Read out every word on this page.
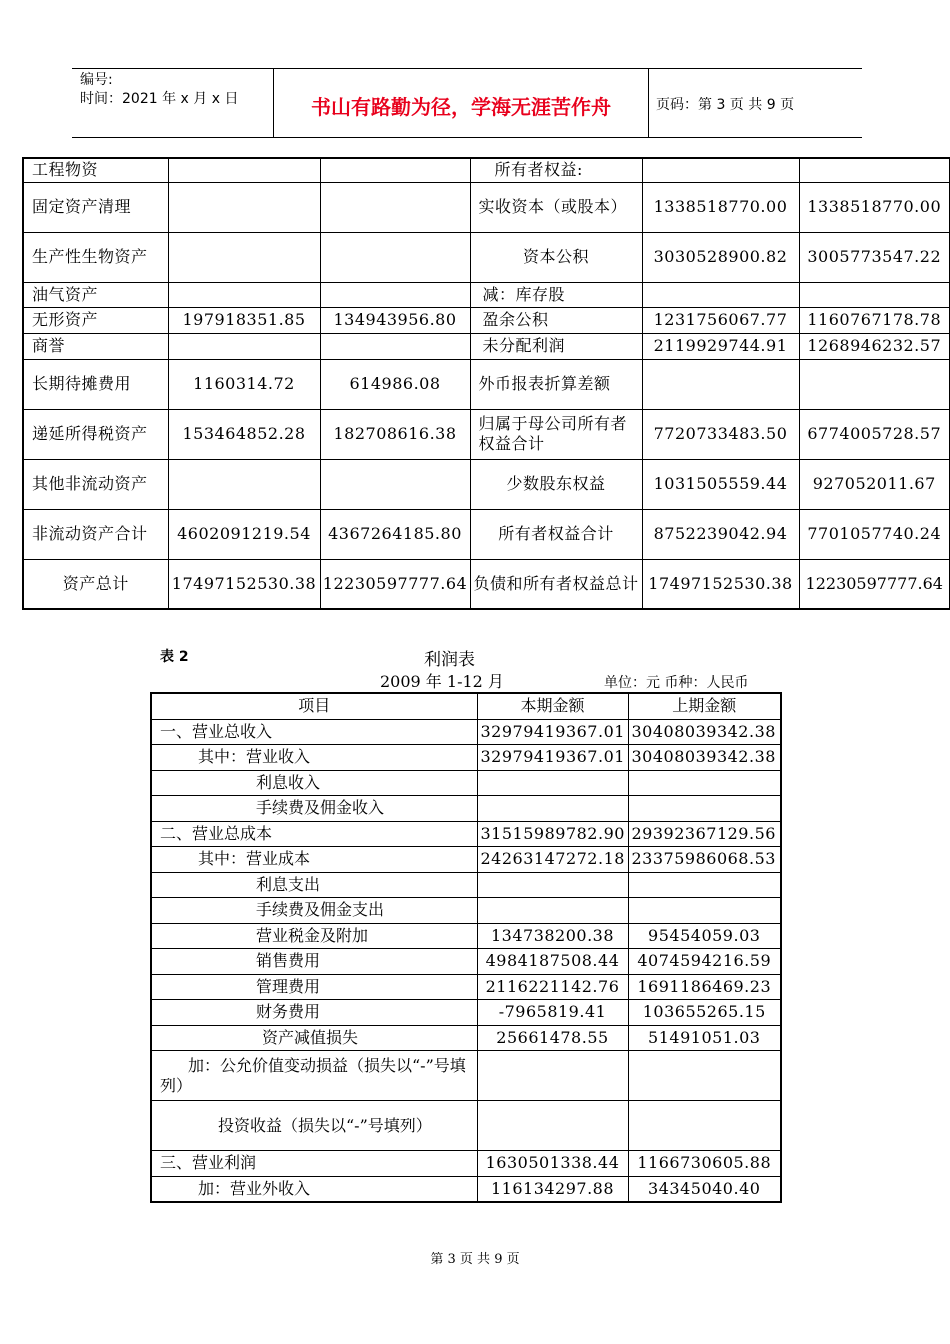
编号:
时间：2021 年 x 月 x 日	书山有路勤为径，学海无涯苦作舟	页码：第 3 页 共 9 页
工程物资			所有者权益:		
固定资产清理			实收资本（或股本）	1338518770.00	1338518770.00
生产性生物资产			资本公积	3030528900.82	3005773547.22
油气资产			减：库存股		
无形资产	197918351.85	134943956.80	盈余公积	1231756067.77	1160767178.78
商誉			未分配利润	2119929744.91	1268946232.57
长期待摊费用	1160314.72	614986.08	外币报表折算差额		
递延所得税资产	153464852.28	182708616.38	归属于母公司所有者权益合计	7720733483.50	6774005728.57
其他非流动资产			少数股东权益	1031505559.44	927052011.67
非流动资产合计	4602091219.54	4367264185.80	所有者权益合计	8752239042.94	7701057740.24
资产总计	17497152530.38	12230597777.64	负债和所有者权益总计	17497152530.38	12230597777.64
表 2	利润表
2009 年 1-12 月	单位：元 币种：人民币
项目	本期金额	上期金额
一、营业总收入	32979419367.01	30408039342.38
其中：营业收入	32979419367.01	30408039342.38
利息收入		
手续费及佣金收入		
二、营业总成本	31515989782.90	29392367129.56
其中：营业成本	24263147272.18	23375986068.53
利息支出		
手续费及佣金支出		
营业税金及附加	134738200.38	95454059.03
销售费用	4984187508.44	4074594216.59
管理费用	2116221142.76	1691186469.23
财务费用	-7965819.41	103655265.15
资产减值损失	25661478.55	51491051.03
加：公允价值变动损益（损失以“-”号填列）		
投资收益（损失以“-”号填列）		
三、营业利润	1630501338.44	1166730605.88
加：营业外收入	116134297.88	34345040.40
第 3 页 共 9 页
